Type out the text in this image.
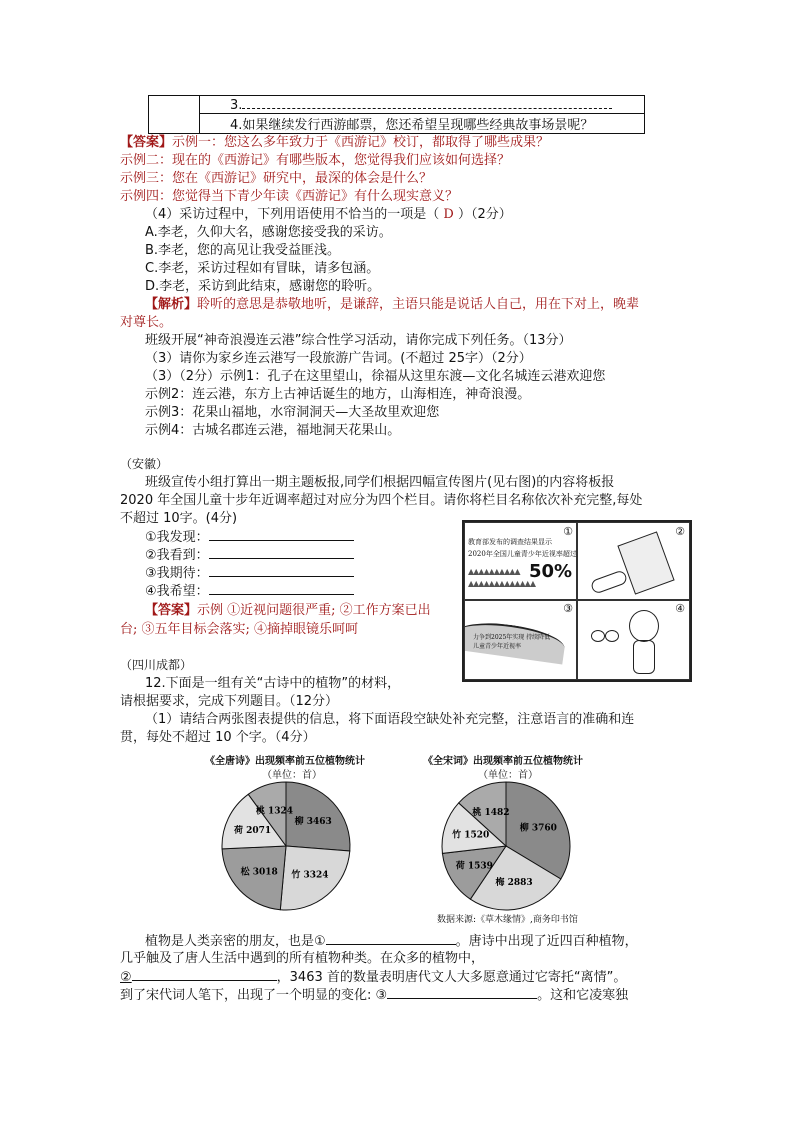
	3.
4.如果继续发行西游邮票，您还希望呈现哪些经典故事场景呢？
【答案】示例一：您这么多年致力于《西游记》校订，都取得了哪些成果？
示例二：现在的《西游记》有哪些版本，您觉得我们应该如何选择？
示例三：您在《西游记》研究中，最深的体会是什么？
示例四：您觉得当下青少年读《西游记》有什么现实意义？
（4）采访过程中，下列用语使用不恰当的一项是（ D ）（2分）
A.李老，久仰大名，感谢您接受我的采访。
B.李老，您的高见让我受益匪浅。
C.李老，采访过程如有冒昧，请多包涵。
D.李老，采访到此结束，感谢您的聆听。
【解析】聆听的意思是恭敬地听，是谦辞，主语只能是说话人自己，用在下对上，晚辈
对尊长。
班级开展“神奇浪漫连云港”综合性学习活动，请你完成下列任务。（13分）
（3）请你为家乡连云港写一段旅游广告词。(不超过 25字）（2分）
（3）（2分）示例1：孔子在这里望山，徐福从这里东渡—文化名城连云港欢迎您
示例2：连云港，东方上古神话诞生的地方，山海相连，神奇浪漫。
示例3：花果山福地，水帘洞洞天—大圣故里欢迎您
示例4：古城名郡连云港，福地洞天花果山。
（安徽）
班级宣传小组打算出一期主题板报,同学们根据四幅宣传图片(见右图)的内容将板报
2020 年全国儿童十步年近调率超过对应分为四个栏目。请你将栏目名称依次补充完整,每处
不超过 10字。(4分)
①我发现：
②我看到：
③我期待：
④我希望：
【答案】示例 ①近视问题很严重; ②工作方案已出
台; ③五年目标会落实; ④摘掉眼镜乐呵呵
①
教育部发布的调查结果显示
2020年全国儿童青少年近视率超过
▲▲▲▲▲▲▲▲▲▲
▲▲▲▲▲▲▲▲▲▲▲▲▲
50%
②
③
力争到2025年实现 持续降低儿童青少年近视率
④
（四川成都）
12.下面是一组有关“古诗中的植物”的材料，
请根据要求，完成下列题目。（12分）
（1）请结合两张图表提供的信息，将下面语段空缺处补充完整，注意语言的准确和连
贯，每处不超过 10 个字。（4分）
《全唐诗》出现频率前五位植物统计
（单位：首）
《全宋词》出现频率前五位植物统计
（单位：首）
柳 3463
竹 3324
松 3018
荷 2071
桃 1324
柳 3760
梅 2883
荷 1539
竹 1520
桃 1482
数据来源:《草木缘情》,商务印书馆
植物是人类亲密的朋友，也是①	。唐诗中出现了近四百种植物，
几乎触及了唐人生活中遇到的所有植物种类。在众多的植物中，
②	，3463 首的数量表明唐代文人大多愿意通过它寄托“离情”。
到了宋代词人笔下，出现了一个明显的变化: ③	。这和它凌寒独
